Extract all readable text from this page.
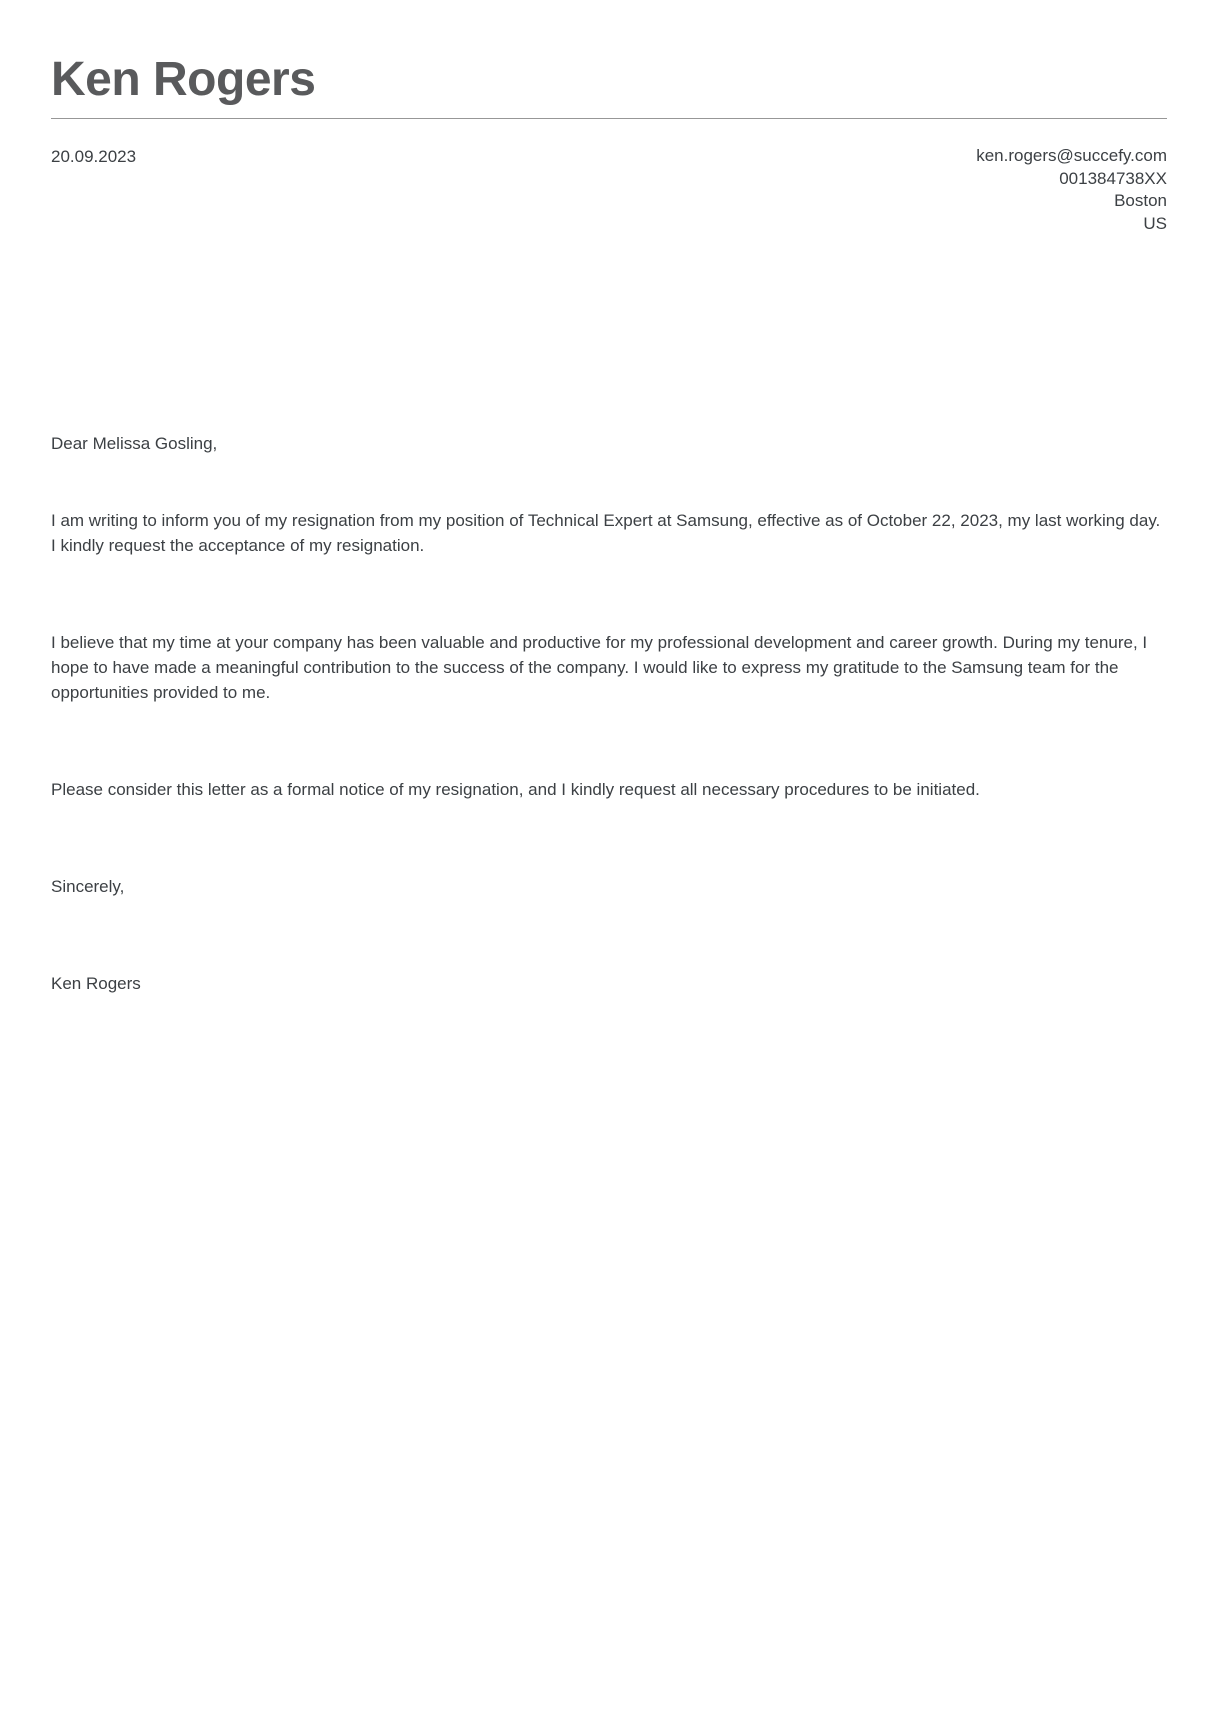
Ken Rogers
20.09.2023	ken.rogers@succefy.com
001384738XX
Boston
US

Dear Melissa Gosling,

I am writing to inform you of my resignation from my position of Technical Expert at Samsung, effective as of October 22, 2023, my last working day. I kindly request the acceptance of my resignation.

I believe that my time at your company has been valuable and productive for my professional development and career growth. During my tenure, I hope to have made a meaningful contribution to the success of the company. I would like to express my gratitude to the Samsung team for the opportunities provided to me.

Please consider this letter as a formal notice of my resignation, and I kindly request all necessary procedures to be initiated.

Sincerely,

Ken Rogers
